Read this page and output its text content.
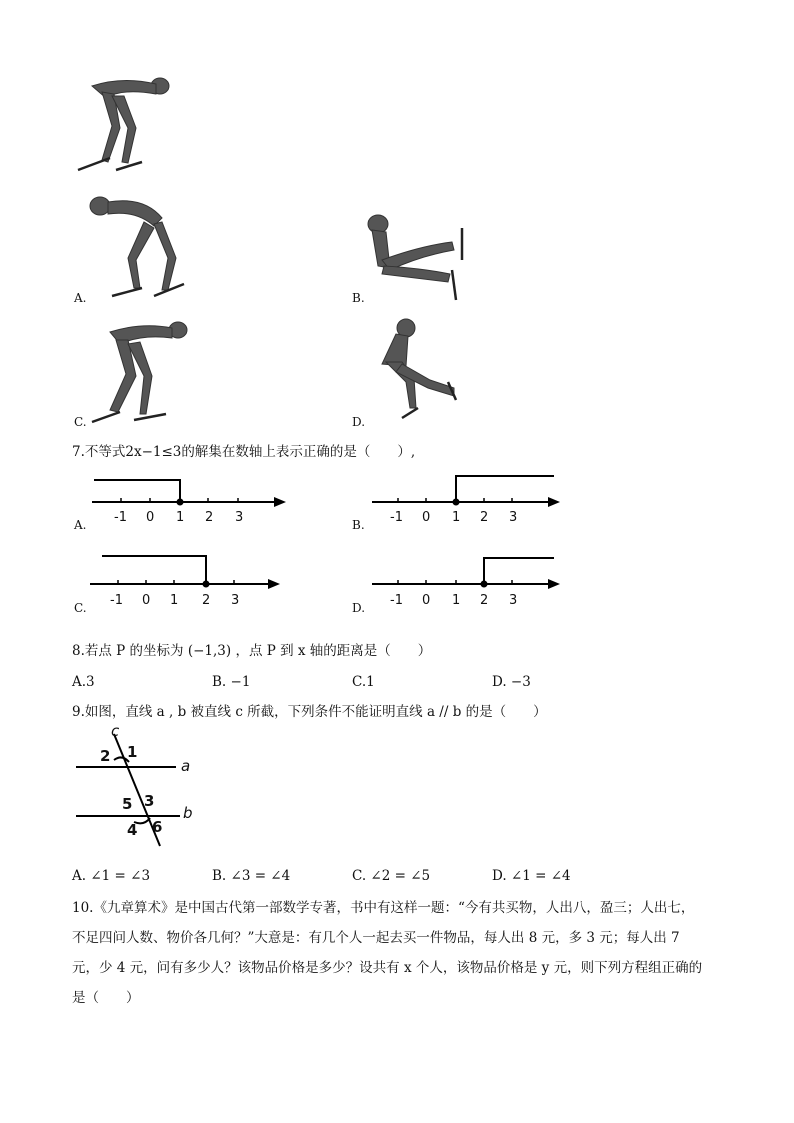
A.	B.
C.	D.
7.不等式2x−1≤3的解集在数轴上表示正确的是（　　）,
-1 0 1 2 3
A.	-1 0 1 2 3
B.
-1 0 1 2 3
C.	-1 0 1 2 3
D.
8.若点 P 的坐标为 (−1,3) ，点 P 到 x 轴的距离是（　　）
A.3	B. −1	C.1	D. −3
9.如图，直线 a , b 被直线 c 所截，下列条件不能证明直线 a // b 的是（　　）
c
a
b
2 1
5 3
4 6
A. ∠1 = ∠3	B. ∠3 = ∠4	C. ∠2 = ∠5	D. ∠1 = ∠4
10.《九章算术》是中国古代第一部数学专著，书中有这样一题：“今有共买物，人出八，盈三；人出七，
不足四问人数、物价各几何？”大意是：有几个人一起去买一件物品，每人出 8 元，多 3 元；每人出 7
元，少 4 元，问有多少人？该物品价格是多少？设共有 x 个人，该物品价格是 y 元，则下列方程组正确的
是（　　）
